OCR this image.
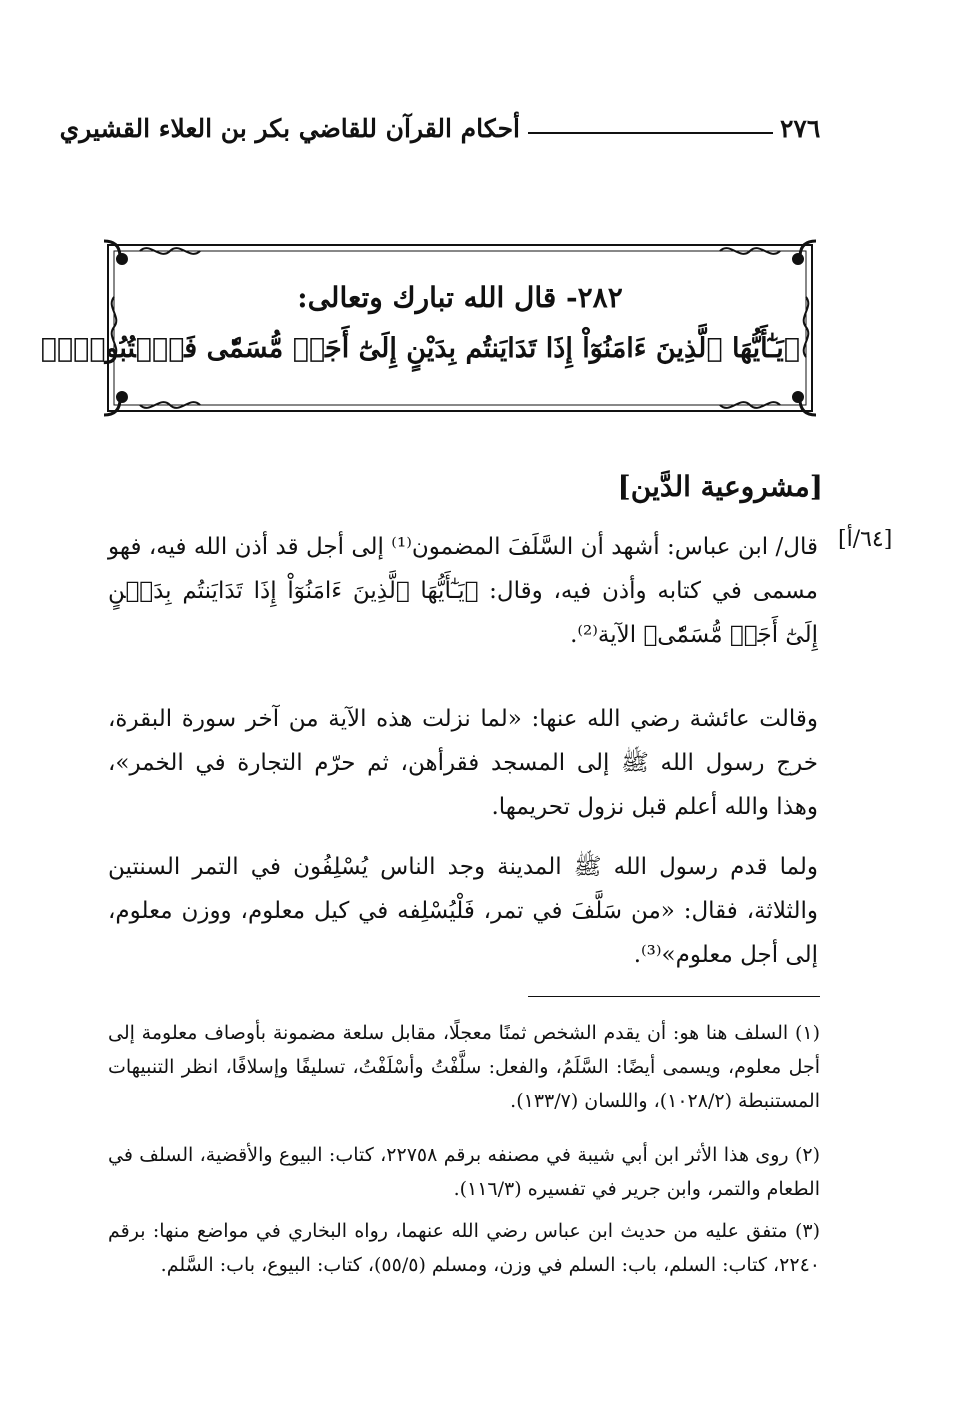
٢٧٦
أحكام القرآن للقاضي بكر بن العلاء القشيري
٢٨٢- قال الله تبارك وتعالى:
﴿يَـٰٓأَيُّهَا ٱلَّذِينَ ءَامَنُوٓاْ إِذَا تَدَايَنتُم بِدَيْنٍ إِلَىٰٓ أَجَلٖ مُّسَمّٗى فَٱكۡتُبُوهُۚ﴾
[مشروعية الدَّين]
[٦٤/أ]
قال/ ابن عباس: أشهد أن السَّلَفَ المضمون⁽¹⁾ إلى أجل قد أذن الله فيه، فهو مسمى في كتابه وأذن فيه، وقال: ﴿يَـٰٓأَيُّهَا ٱلَّذِينَ ءَامَنُوٓاْ إِذَا تَدَايَنتُم بِدَيۡنٍ إِلَىٰٓ أَجَلٖ مُّسَمّٗى﴾ الآية⁽²⁾.
وقالت عائشة رضي الله عنها: «لما نزلت هذه الآية من آخر سورة البقرة، خرج رسول الله ﷺ إلى المسجد فقرأهن، ثم حرّم التجارة في الخمر»، وهذا والله أعلم قبل نزول تحريمها.
ولما قدم رسول الله ﷺ المدينة وجد الناس يُسْلِفُون في التمر السنتين والثلاثة، فقال: «من سَلَّفَ في تمر، فَلْيُسْلِفه في كيل معلوم، ووزن معلوم، إلى أجل معلوم»⁽³⁾.
(١) السلف هنا هو: أن يقدم الشخص ثمنًا معجلًا، مقابل سلعة مضمونة بأوصاف معلومة إلى أجل معلوم، ويسمى أيضًا: السَّلَمُ، والفعل: سلَّفْتُ وأسْلَفْتُ، تسليفًا وإسلافًا، انظر التنبيهات المستنبطة (١٠٢٨/٢)، واللسان (١٣٣/٧).
(٢) روى هذا الأثر ابن أبي شيبة في مصنفه برقم ٢٢٧٥٨، كتاب: البيوع والأقضية، السلف في الطعام والتمر، وابن جرير في تفسيره (١١٦/٣).
(٣) متفق عليه من حديث ابن عباس رضي الله عنهما، رواه البخاري في مواضع منها: برقم ٢٢٤٠، كتاب: السلم، باب: السلم في وزن، ومسلم (٥٥/٥)، كتاب: البيوع، باب: السَّلم.
